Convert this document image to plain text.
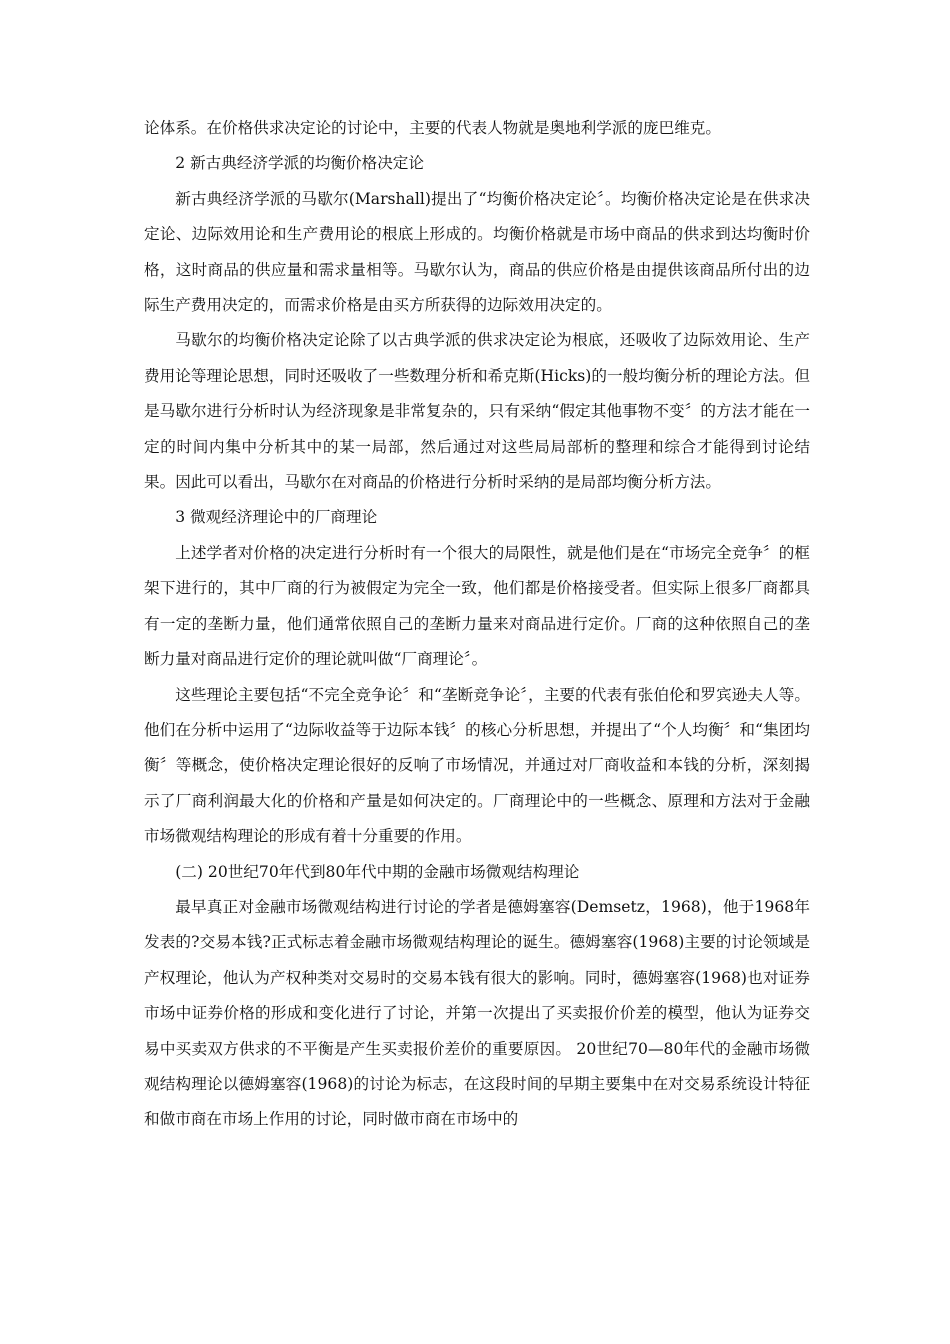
论体系。在价格供求决定论的讨论中，主要的代表人物就是奥地利学派的庞巴维克。

2 新古典经济学派的均衡价格决定论

新古典经济学派的马歇尔(Marshall)提出了“均衡价格决定论〞。均衡价格决定论是在供求决定论、边际效用论和生产费用论的根底上形成的。均衡价格就是市场中商品的供求到达均衡时价格，这时商品的供应量和需求量相等。马歇尔认为，商品的供应价格是由提供该商品所付出的边际生产费用决定的，而需求价格是由买方所获得的边际效用决定的。

马歇尔的均衡价格决定论除了以古典学派的供求决定论为根底，还吸收了边际效用论、生产费用论等理论思想，同时还吸收了一些数理分析和希克斯(Hicks)的一般均衡分析的理论方法。但是马歇尔进行分析时认为经济现象是非常复杂的，只有采纳“假定其他事物不变〞的方法才能在一定的时间内集中分析其中的某一局部，然后通过对这些局局部析的整理和综合才能得到讨论结果。因此可以看出，马歇尔在对商品的价格进行分析时采纳的是局部均衡分析方法。

3 微观经济理论中的厂商理论

上述学者对价格的决定进行分析时有一个很大的局限性，就是他们是在“市场完全竞争〞的框架下进行的，其中厂商的行为被假定为完全一致，他们都是价格接受者。但实际上很多厂商都具有一定的垄断力量，他们通常依照自己的垄断力量来对商品进行定价。厂商的这种依照自己的垄断力量对商品进行定价的理论就叫做“厂商理论〞。

这些理论主要包括“不完全竞争论〞和“垄断竞争论〞，主要的代表有张伯伦和罗宾逊夫人等。他们在分析中运用了“边际收益等于边际本钱〞的核心分析思想，并提出了“个人均衡〞和“集团均衡〞等概念，使价格决定理论很好的反响了市场情况，并通过对厂商收益和本钱的分析，深刻揭示了厂商利润最大化的价格和产量是如何决定的。厂商理论中的一些概念、原理和方法对于金融市场微观结构理论的形成有着十分重要的作用。

(二) 20世纪70年代到80年代中期的金融市场微观结构理论

最早真正对金融市场微观结构进行讨论的学者是德姆塞容(Demsetz，1968)，他于1968年发表的?交易本钱?正式标志着金融市场微观结构理论的诞生。德姆塞容(1968)主要的讨论领域是产权理论，他认为产权种类对交易时的交易本钱有很大的影响。同时，德姆塞容(1968)也对证券市场中证券价格的形成和变化进行了讨论，并第一次提出了买卖报价价差的模型，他认为证券交易中买卖双方供求的不平衡是产生买卖报价差价的重要原因。 20世纪70—80年代的金融市场微观结构理论以德姆塞容(1968)的讨论为标志，在这段时间的早期主要集中在对交易系统设计特征和做市商在市场上作用的讨论，同时做市商在市场中的
